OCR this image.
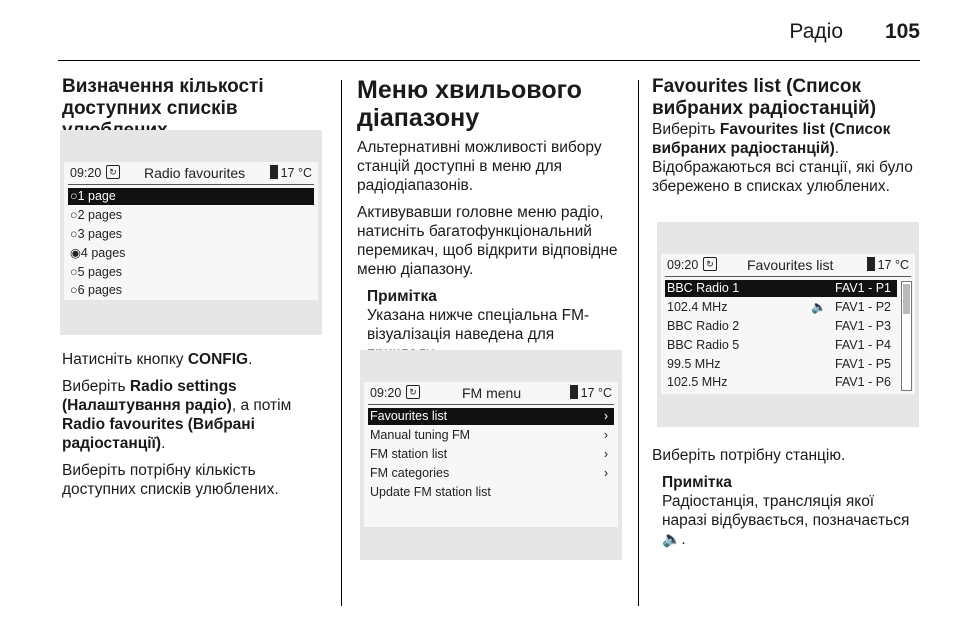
Радіо 105
Визначення кількості доступних списків
09:20 ↻ Radio favourites	17 °C
○1 page
○2 pages
○3 pages
◉4 pages
○5 pages
○6 pages

Натисніть кнопку CONFIG.

Виберіть Radio settings (Налаштування радіо), а потім Radio favourites (Вибрані радіостанції).

Виберіть потрібну кількість доступних списків улюблених.

Меню хвильового діапазону

Альтернативні можливості вибору станцій доступні в меню для радіодіапазонів.

Активувавши головне меню радіо, натисніть багатофункціональний перемикач, щоб відкрити відповідне меню діапазону.

Примітка

Указана нижче спеціальна FM-візуалізація наведена для

09:20 ↻	FM menu	17 °C
Favourites list	›
Manual tuning FM	›
FM station list	›
FM categories	›
Update FM station list
Favourites list (Список вибраних радіостанцій)

Виберіть Favourites list (Список вибраних радіостанцій).

Відображаються всі станції, які було збережено в списках улюблених.

09:20 ↻ Favourites list	17 °C
BBC Radio 1	FAV1 - P1
102.4 MHz	🔈 FAV1 - P2
BBC Radio 2	FAV1 - P3
BBC Radio 5	FAV1 - P4
99.5 MHz	FAV1 - P5
102.5 MHz	FAV1 - P6

Виберіть потрібну станцію.

Примітка

Радіостанція, трансляція якої наразі відбувається, позначається 🔈.
